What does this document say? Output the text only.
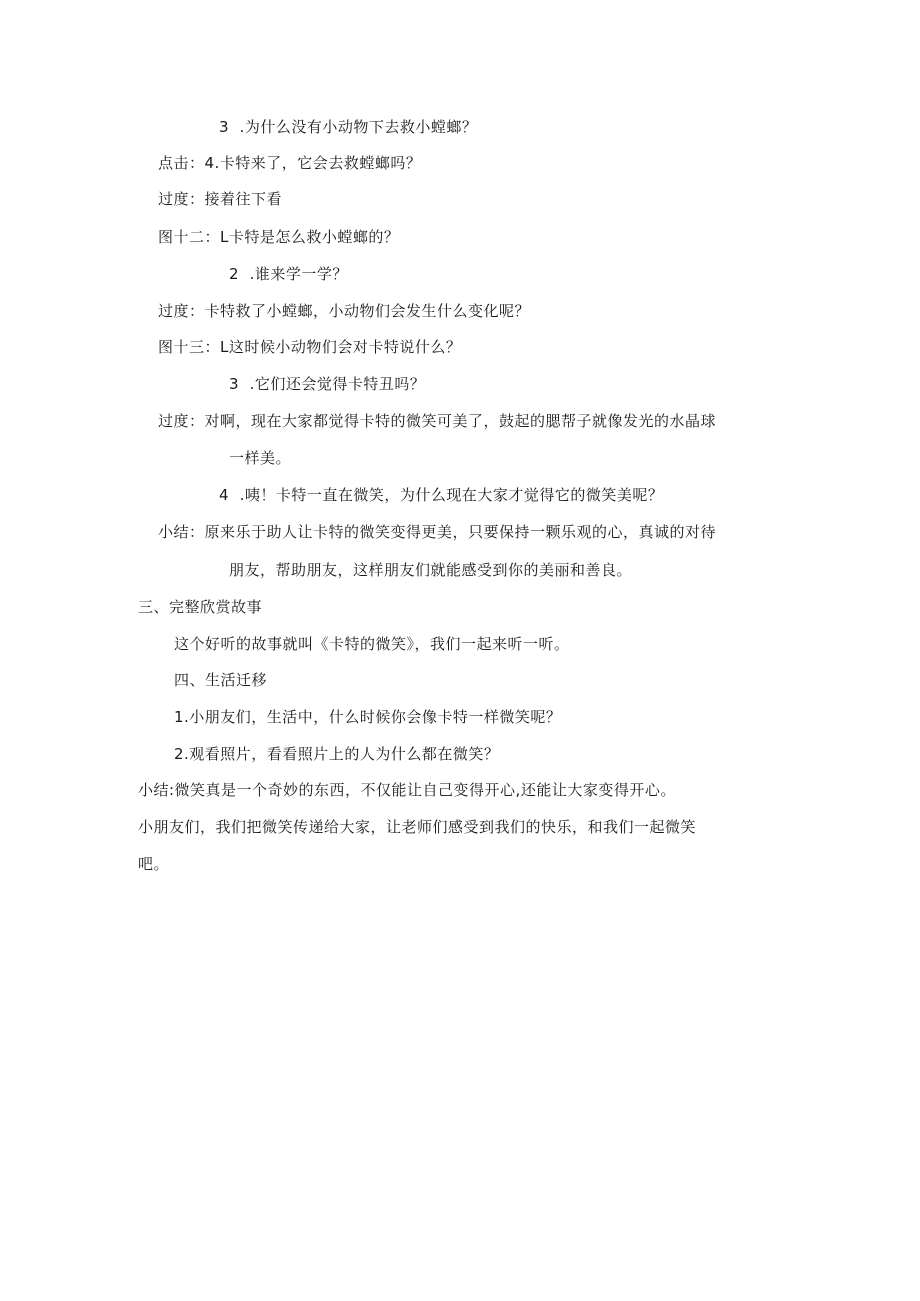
3  .为什么没有小动物下去救小螳螂？
点击：4.卡特来了，它会去救螳螂吗？
过度：接着往下看
图十二：L卡特是怎么救小螳螂的？
2  .谁来学一学？
过度：卡特救了小螳螂，小动物们会发生什么变化呢？
图十三：L这时候小动物们会对卡特说什么？
3  .它们还会觉得卡特丑吗？
过度：对啊，现在大家都觉得卡特的微笑可美了，鼓起的腮帮子就像发光的水晶球
一样美。
4  .咦！卡特一直在微笑，为什么现在大家才觉得它的微笑美呢？
小结：原来乐于助人让卡特的微笑变得更美，只要保持一颗乐观的心，真诚的对待
朋友，帮助朋友，这样朋友们就能感受到你的美丽和善良。
三、完整欣赏故事
这个好听的故事就叫《卡特的微笑》，我们一起来听一听。
四、生活迁移
1.小朋友们，生活中，什么时候你会像卡特一样微笑呢？
2.观看照片，看看照片上的人为什么都在微笑？
小结:微笑真是一个奇妙的东西，不仅能让自己变得开心,还能让大家变得开心。
小朋友们，我们把微笑传递给大家，让老师们感受到我们的快乐，和我们一起微笑
吧。
